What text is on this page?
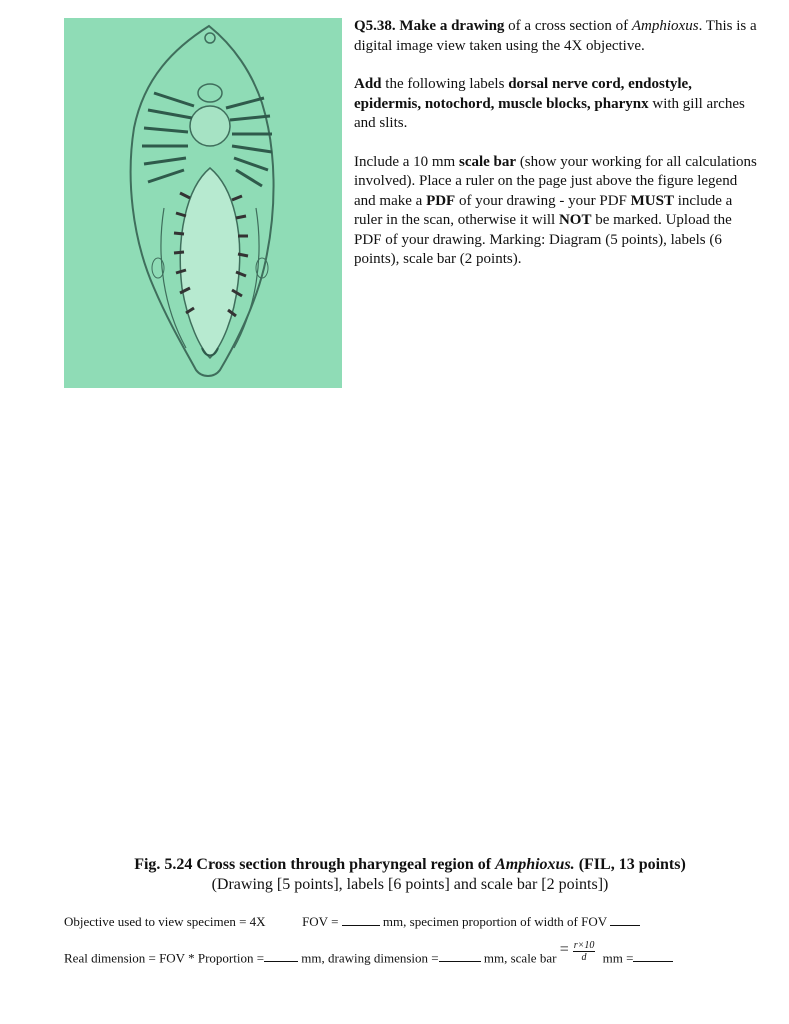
Q5.38. Make a drawing of a cross section of Amphioxus. This is a digital image view taken using the 4X objective.

Add the following labels dorsal nerve cord, endostyle, epidermis, notochord, muscle blocks, pharynx with gill arches and slits.

Include a 10 mm scale bar (show your working for all calculations involved). Place a ruler on the page just above the figure legend and make a PDF of your drawing - your PDF MUST include a ruler in the scan, otherwise it will NOT be marked. Upload the PDF of your drawing. Marking: Diagram (5 points), labels (6 points), scale bar (2 points).

Fig. 5.24 Cross section through pharyngeal region of Amphioxus. (FIL, 13 points)
(Drawing [5 points], labels [6 points] and scale bar [2 points])
Objective used to view specimen = 4X	FOV =	mm, specimen proportion of width of FOV
Real dimension = FOV * Proportion =	mm, drawing dimension =	mm, scale bar = $\frac{r\times 10}{d}$ mm =
